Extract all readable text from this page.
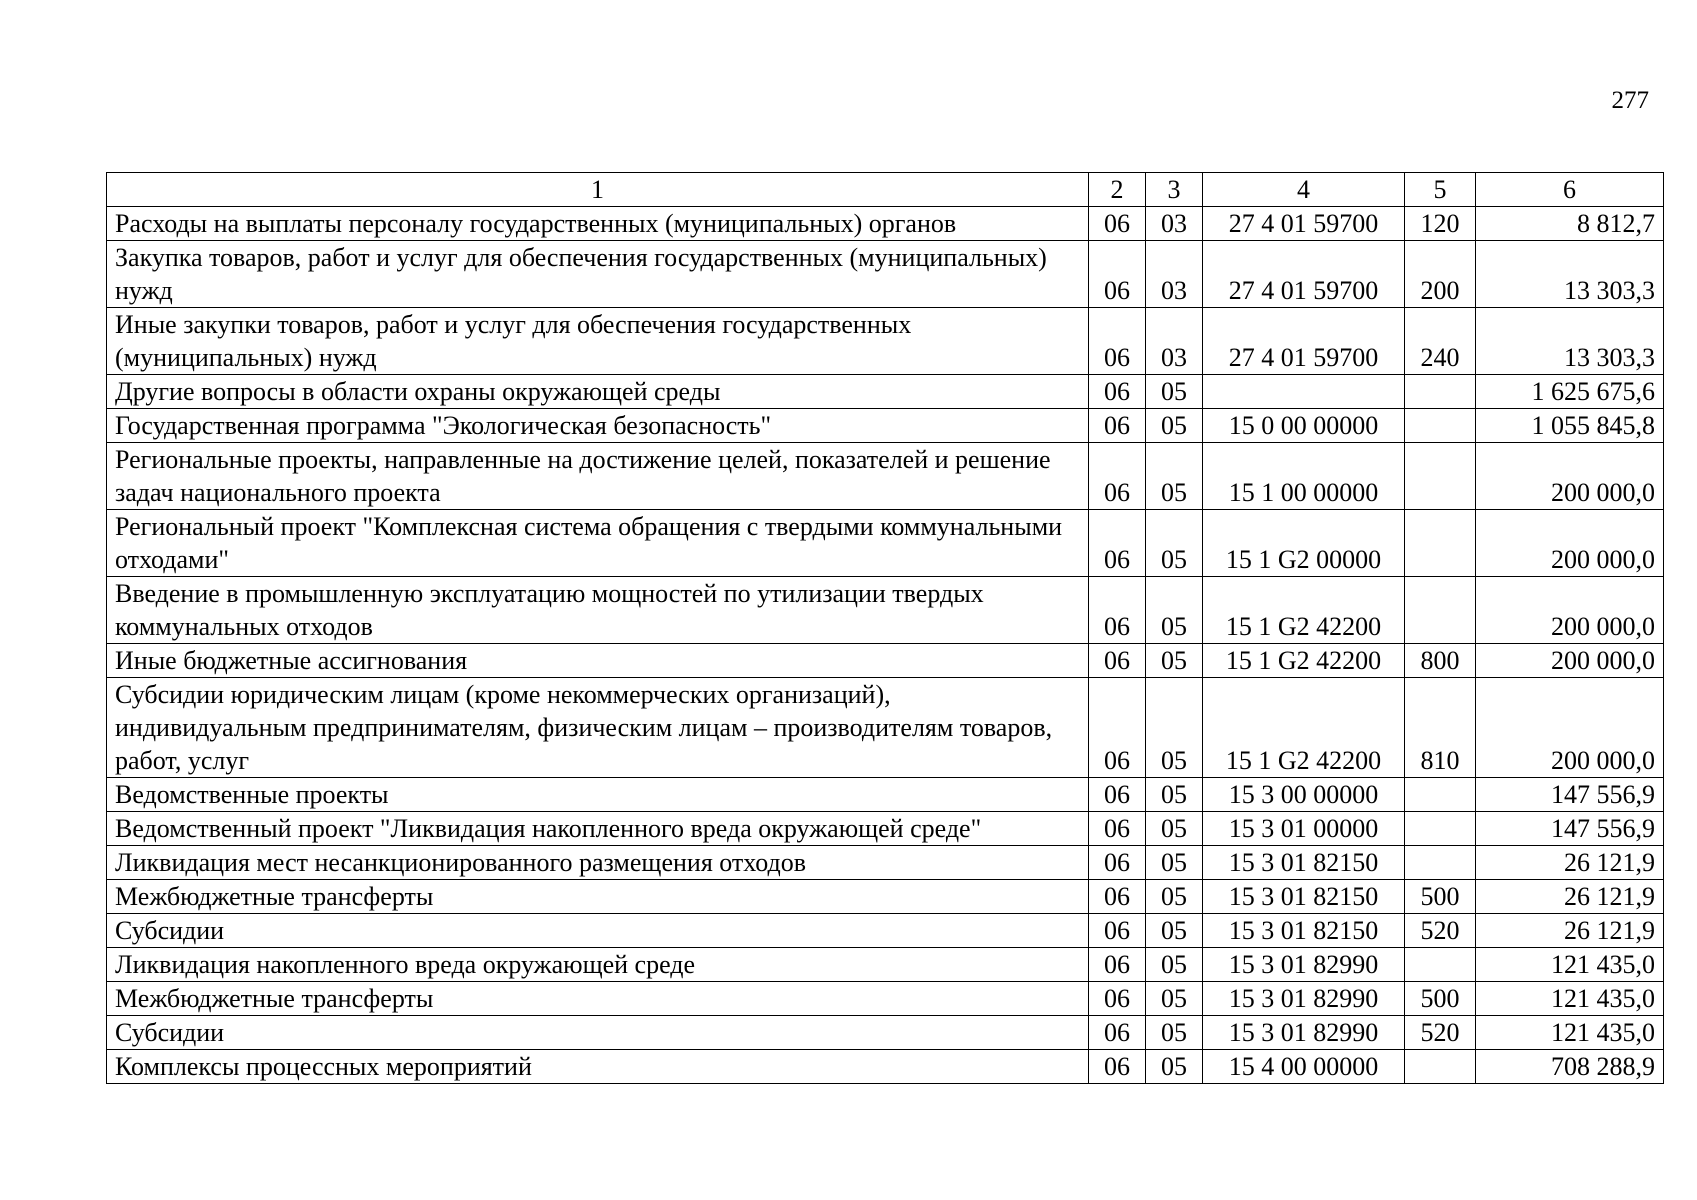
277
1	2	3	4	5	6
Расходы на выплаты персоналу государственных (муниципальных) органов	06	03	27 4 01 59700	120	8 812,7
Закупка товаров, работ и услуг для обеспечения государственных (муниципальных) нужд	06	03	27 4 01 59700	200	13 303,3
Иные закупки товаров, работ и услуг для обеспечения государственных (муниципальных) нужд	06	03	27 4 01 59700	240	13 303,3
Другие вопросы в области охраны окружающей среды	06	05			1 625 675,6
Государственная программа "Экологическая безопасность"	06	05	15 0 00 00000		1 055 845,8
Региональные проекты, направленные на достижение целей, показателей и решение задач национального проекта	06	05	15 1 00 00000		200 000,0
Региональный проект "Комплексная система обращения с твердыми коммунальными отходами"	06	05	15 1 G2 00000		200 000,0
Введение в промышленную эксплуатацию мощностей по утилизации твердых коммунальных отходов	06	05	15 1 G2 42200		200 000,0
Иные бюджетные ассигнования	06	05	15 1 G2 42200	800	200 000,0
Субсидии юридическим лицам (кроме некоммерческих организаций), индивидуальным предпринимателям, физическим лицам – производителям товаров, работ, услуг	06	05	15 1 G2 42200	810	200 000,0
Ведомственные проекты	06	05	15 3 00 00000		147 556,9
Ведомственный проект "Ликвидация накопленного вреда окружающей среде"	06	05	15 3 01 00000		147 556,9
Ликвидация мест несанкционированного размещения отходов	06	05	15 3 01 82150		26 121,9
Межбюджетные трансферты	06	05	15 3 01 82150	500	26 121,9
Субсидии	06	05	15 3 01 82150	520	26 121,9
Ликвидация накопленного вреда окружающей среде	06	05	15 3 01 82990		121 435,0
Межбюджетные трансферты	06	05	15 3 01 82990	500	121 435,0
Субсидии	06	05	15 3 01 82990	520	121 435,0
Комплексы процессных мероприятий	06	05	15 4 00 00000		708 288,9
